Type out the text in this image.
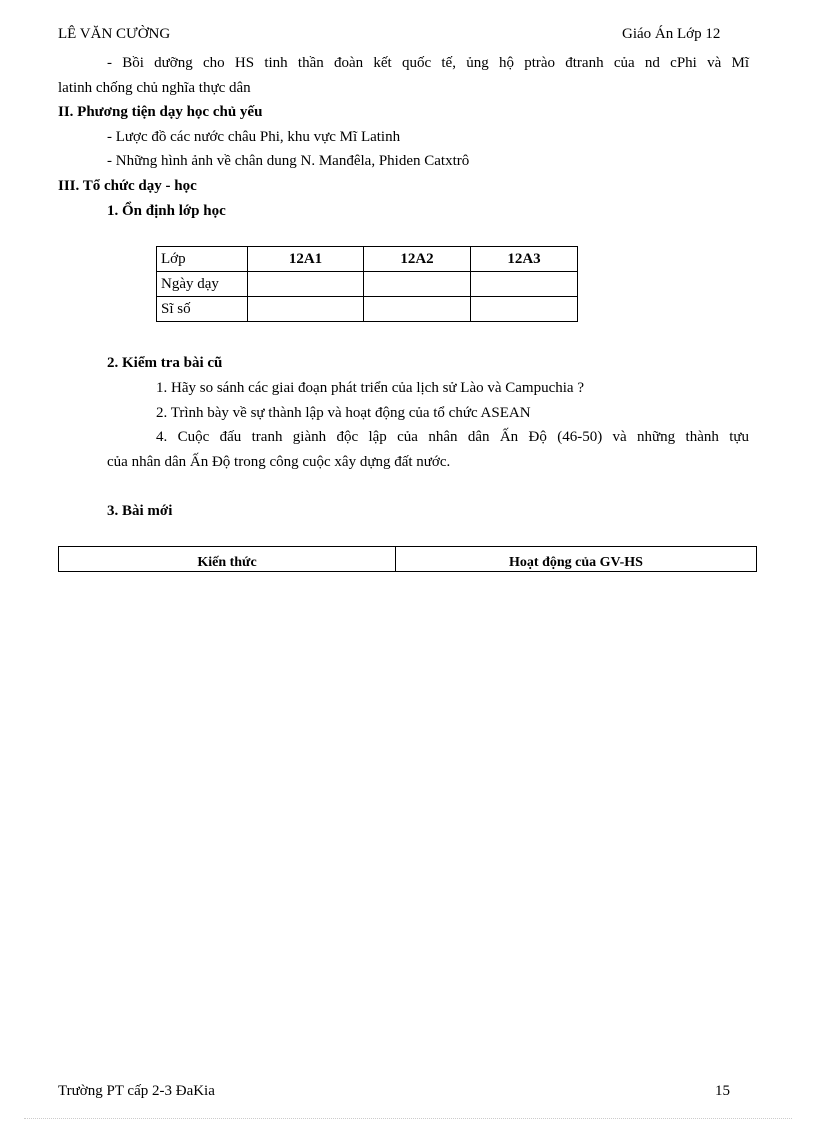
LÊ VĂN CƯỜNG	Giáo Án Lớp 12
- Bồi dưỡng cho HS tinh thần đoàn kết quốc tế, ủng hộ ptrào đtranh của nd cPhi và Mĩ
latinh chống chủ nghĩa thực dân
II. Phương tiện dạy học chủ yếu
- Lược đồ các nước châu Phi, khu vực Mĩ Latinh
- Những hình ảnh về chân dung N. Manđêla, Phiden Catxtrô
III. Tổ chức dạy - học
1. Ổn định lớp học
Lớp	12A1	12A2	12A3
Ngày dạy			
Sĩ số			
2. Kiểm tra bài cũ
1. Hãy so sánh các giai đoạn phát triển của lịch sử Lào và Campuchia ?
2. Trình bày về sự thành lập và hoạt động của tổ chức ASEAN
4. Cuộc đấu tranh giành độc lập của nhân dân Ấn Độ (46-50) và những thành tựu
của nhân dân Ấn Độ trong công cuộc xây dựng đất nước.
3. Bài mới
Kiến thức	Hoạt động của GV-HS
Trường PT cấp 2-3 ĐaKia	15
